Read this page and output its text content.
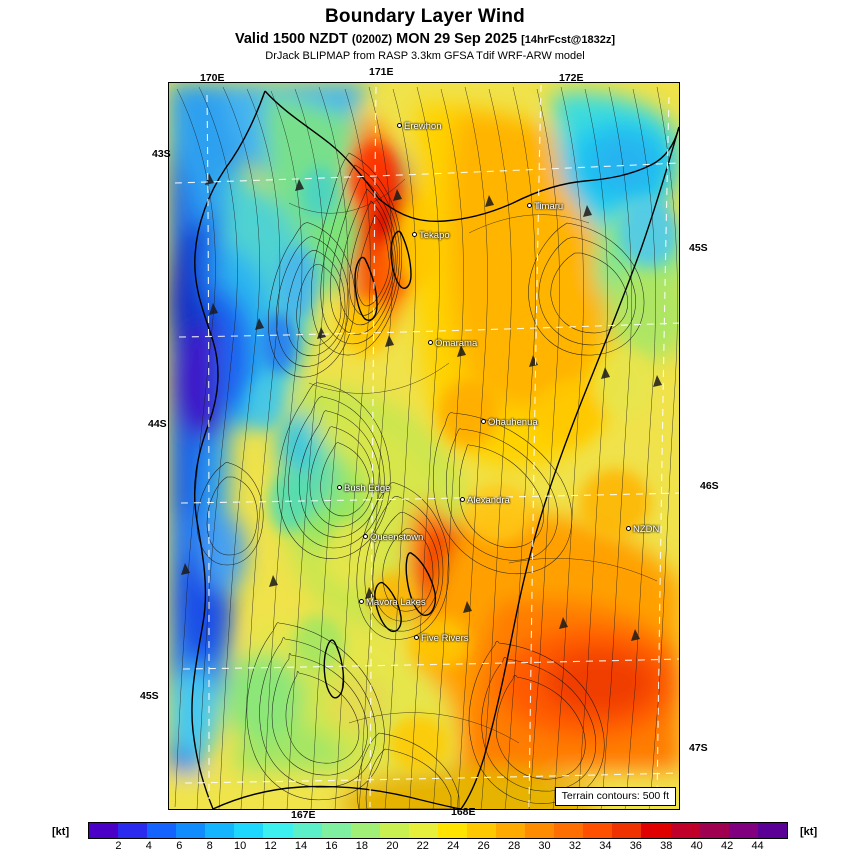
Boundary Layer Wind
Valid 1500 NZDT (0200Z) MON 29 Sep 2025 [14hrFcst@1832z]
DrJack BLIPMAP from RASP 3.3km GFSA Tdif WRF-ARW model
Erewhon
Timaru
Tekapo
Omarama
Ohauhenua
Bush Edge
Alexandra
Queenstown
NZDN
Mavora Lakes
Five Rivers
Terrain contours: 500 ft
170E	171E	172E
167E	168E
43S
44S
45S
45S
46S
47S
[kt]	[kt]
2 4 6 8 10 12 14 16 18 20 22 24 26 28 30 32 34 36 38 40 42 44
